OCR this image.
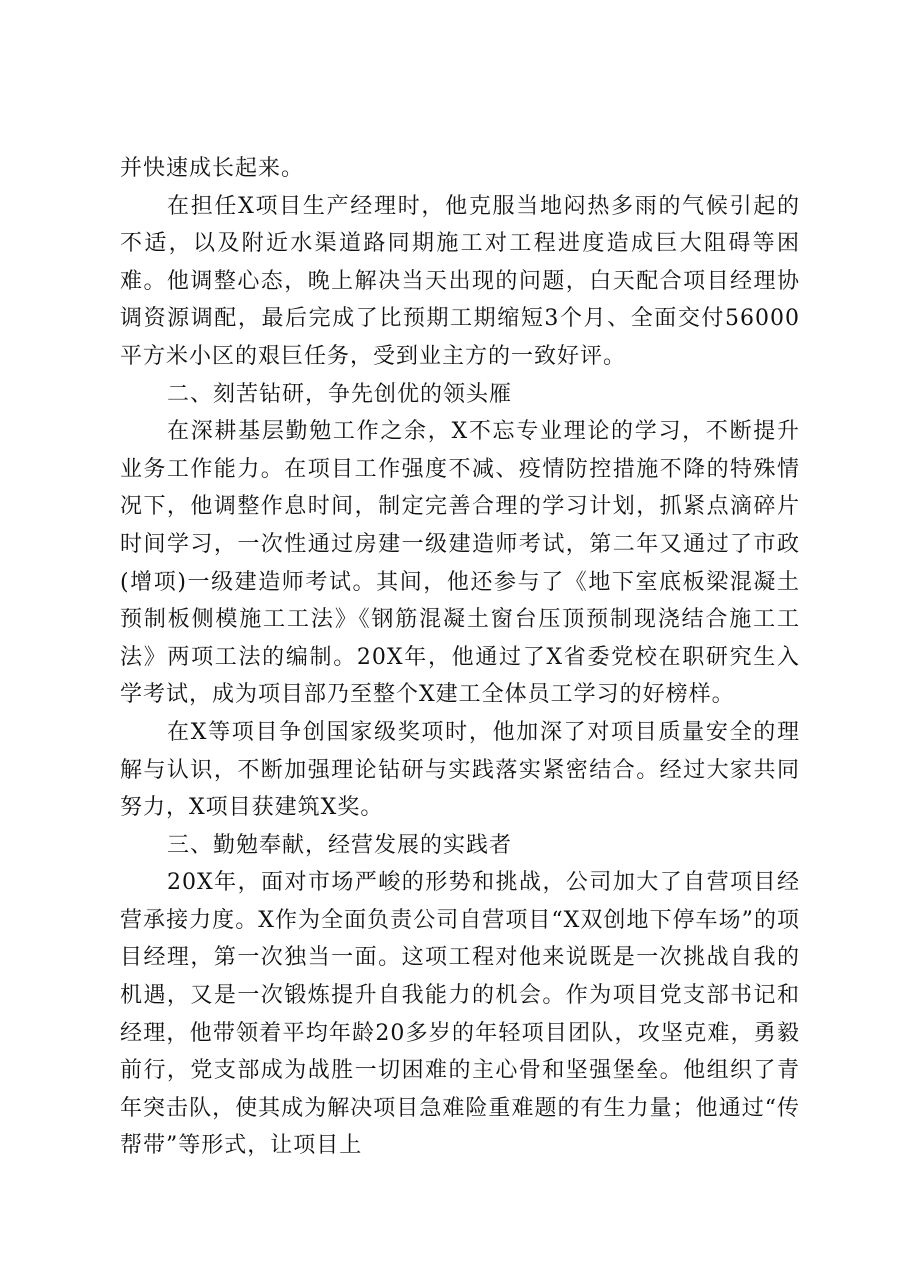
并快速成长起来。

在担任X项目生产经理时，他克服当地闷热多雨的气候引起的不适，以及附近水渠道路同期施工对工程进度造成巨大阻碍等困难。他调整心态，晚上解决当天出现的问题，白天配合项目经理协调资源调配，最后完成了比预期工期缩短3个月、全面交付56000平方米小区的艰巨任务，受到业主方的一致好评。

二、刻苦钻研，争先创优的领头雁

在深耕基层勤勉工作之余，X不忘专业理论的学习，不断提升业务工作能力。在项目工作强度不减、疫情防控措施不降的特殊情况下，他调整作息时间，制定完善合理的学习计划，抓紧点滴碎片时间学习，一次性通过房建一级建造师考试，第二年又通过了市政(增项)一级建造师考试。其间，他还参与了《地下室底板梁混凝土预制板侧模施工工法》《钢筋混凝土窗台压顶预制现浇结合施工工法》两项工法的编制。20X年，他通过了X省委党校在职研究生入学考试，成为项目部乃至整个X建工全体员工学习的好榜样。

在X等项目争创国家级奖项时，他加深了对项目质量安全的理解与认识，不断加强理论钻研与实践落实紧密结合。经过大家共同努力，X项目获建筑X奖。

三、勤勉奉献，经营发展的实践者

20X年，面对市场严峻的形势和挑战，公司加大了自营项目经营承接力度。X作为全面负责公司自营项目“X双创地下停车场”的项目经理，第一次独当一面。这项工程对他来说既是一次挑战自我的机遇，又是一次锻炼提升自我能力的机会。作为项目党支部书记和经理，他带领着平均年龄20多岁的年轻项目团队，攻坚克难，勇毅前行，党支部成为战胜一切困难的主心骨和坚强堡垒。他组织了青年突击队，使其成为解决项目急难险重难题的有生力量；他通过“传帮带”等形式，让项目上
